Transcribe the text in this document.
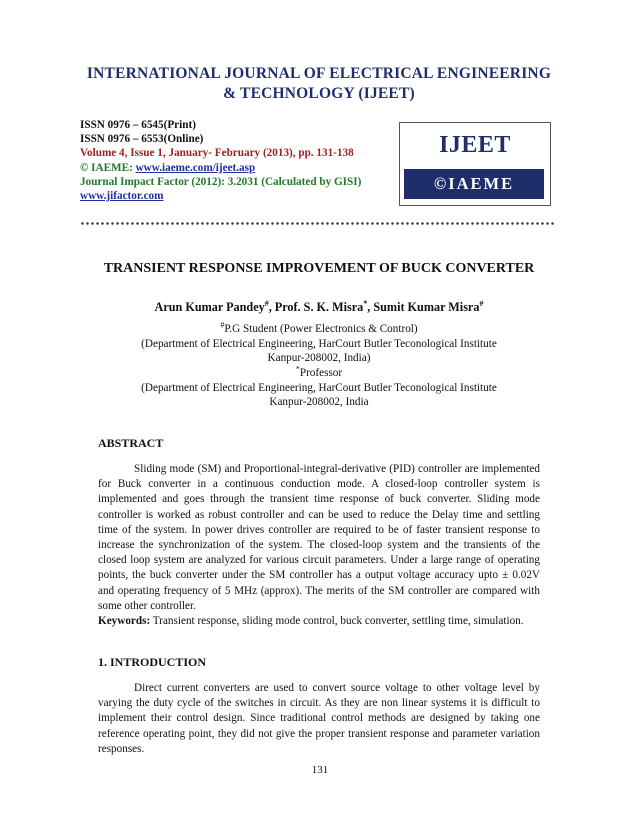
INTERNATIONAL JOURNAL OF ELECTRICAL ENGINEERING
& TECHNOLOGY (IJEET)
ISSN 0976 – 6545(Print)
ISSN 0976 – 6553(Online)
Volume 4, Issue 1, January- February (2013), pp. 131-138
© IAEME: www.iaeme.com/ijeet.asp
Journal Impact Factor (2012): 3.2031 (Calculated by GISI)
www.jifactor.com
IJEET
©IAEME
TRANSIENT RESPONSE IMPROVEMENT OF BUCK CONVERTER
Arun Kumar Pandey#, Prof. S. K. Misra*, Sumit Kumar Misra#
#P.G Student (Power Electronics & Control)
(Department of Electrical Engineering, HarCourt Butler Teconological Institute
Kanpur-208002, India)
*Professor
(Department of Electrical Engineering, HarCourt Butler Teconological Institute
Kanpur-208002, India
ABSTRACT
Sliding mode (SM) and Proportional-integral-derivative (PID) controller are implemented for Buck converter in a continuous conduction mode. A closed-loop controller system is implemented and goes through the transient time response of buck converter. Sliding mode controller is worked as robust controller and can be used to reduce the Delay time and settling time of the system. In power drives controller are required to be of faster transient response to increase the synchronization of the system. The closed-loop system and the transients of the closed loop system are analyzed for various circuit parameters. Under a large range of operating points, the buck converter under the SM controller has a output voltage accuracy upto ± 0.02V and operating frequency of 5 MHz (approx). The merits of the SM controller are compared with some other controller.
Keywords: Transient response, sliding mode control, buck converter, settling time, simulation.
1. INTRODUCTION
Direct current converters are used to convert source voltage to other voltage level by varying the duty cycle of the switches in circuit. As they are non linear systems it is difficult to implement their control design. Since traditional control methods are designed by taking one reference operating point, they did not give the proper transient response and parameter variation responses.
131
